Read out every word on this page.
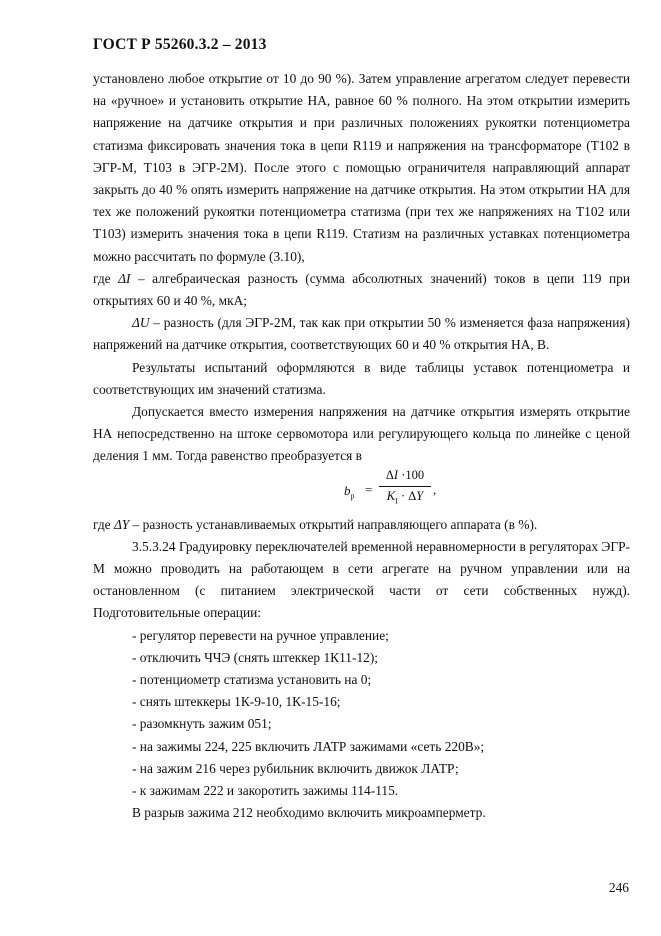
ГОСТ Р 55260.3.2 – 2013

установлено любое открытие от 10 до 90 %). Затем управление агрегатом следует перевести на «ручное» и установить открытие НА, равное 60 % полного. На этом открытии измерить напряжение на датчике открытия и при различных положениях рукоятки потенциометра статизма фиксировать значения тока в цепи R119 и напряжения на трансформаторе (Т102 в ЭГР-М, Т103 в ЭГР-2М). После этого с помощью ограничителя направляющий аппарат закрыть до 40 % опять измерить напряжение на датчике открытия. На этом открытии НА для тех же положений рукоятки потенциометра статизма (при тех же напряжениях на Т102 или Т103) измерить значения тока в цепи R119. Статизм на различных уставках потенциометра можно рассчитать по формуле (3.10),

где ΔI – алгебраическая разность (сумма абсолютных значений) токов в цепи 119 при открытиях 60 и 40 %, мкА;

ΔU – разность (для ЭГР-2М, так как при открытии 50 % изменяется фаза напряжения) напряжений на датчике открытия, соответствующих 60 и 40 % открытия НА, В.

Результаты испытаний оформляются в виде таблицы уставок потенциометра и соответствующих им значений статизма.

Допускается вместо измерения напряжения на датчике открытия измерять открытие НА непосредственно на штоке сервомотора или регулирующего кольца по линейке с ценой деления 1 мм. Тогда равенство преобразуется в

$b_р$ =
ΔI ·100
$K_I \cdot \Delta Y$ ,

где ΔY – разность устанавливаемых открытий направляющего аппарата (в %).

3.5.3.24 Градуировку переключателей временной неравномерности в регуляторах ЭГР-М можно проводить на работающем в сети агрегате на ручном управлении или на остановленном (с питанием электрической части от сети собственных нужд). Подготовительные операции:

- регулятор перевести на ручное управление;

- отключить ЧЧЭ (снять штеккер 1К11-12);

- потенциометр статизма установить на 0;

- снять штеккеры 1К-9-10, 1К-15-16;

- разомкнуть зажим 051;

- на зажимы 224, 225 включить ЛАТР зажимами «сеть 220В»;

- на зажим 216 через рубильник включить движок ЛАТР;

- к зажимам 222 и закоротить зажимы 114-115.

В разрыв зажима 212 необходимо включить микроамперметр.

246
